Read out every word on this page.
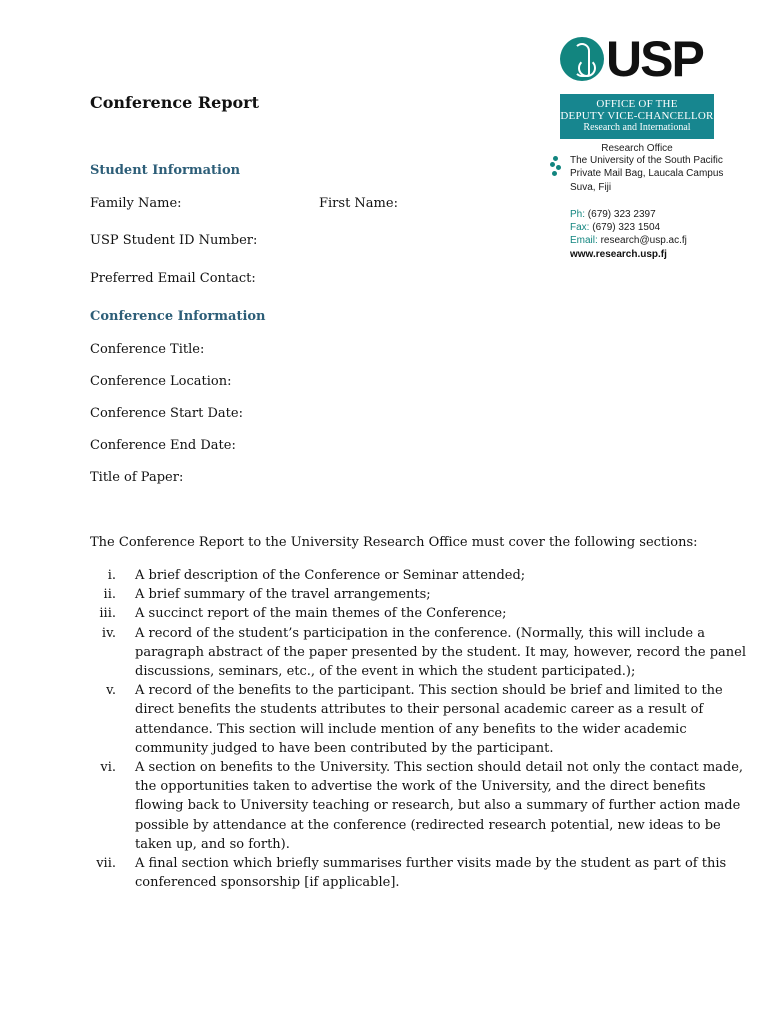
USP
OFFICE OF THE
DEPUTY VICE-CHANCELLOR
Research and International
Research Office
The University of the South Pacific
Private Mail Bag, Laucala Campus
Suva, Fiji
Ph: (679) 323 2397
Fax: (679) 323 1504
Email: research@usp.ac.fj
www.research.usp.fj
Conference Report
Student Information
Family Name:	First Name:
USP Student ID Number:
Preferred Email Contact:
Conference Information
Conference Title:
Conference Location:
Conference Start Date:
Conference End Date:
Title of Paper:
The Conference Report to the University Research Office must cover the following sections:
i. A brief description of the Conference or Seminar attended;
ii. A brief summary of the travel arrangements;
iii. A succinct report of the main themes of the Conference;
iv. A record of the student’s participation in the conference. (Normally, this will include a
paragraph abstract of the paper presented by the student. It may, however, record the panel
discussions, seminars, etc., of the event in which the student participated.);
v. A record of the benefits to the participant. This section should be brief and limited to the
direct benefits the students attributes to their personal academic career as a result of
attendance. This section will include mention of any benefits to the wider academic
community judged to have been contributed by the participant.
vi. A section on benefits to the University. This section should detail not only the contact made,
the opportunities taken to advertise the work of the University, and the direct benefits
flowing back to University teaching or research, but also a summary of further action made
possible by attendance at the conference (redirected research potential, new ideas to be
taken up, and so forth).
vii. A final section which briefly summarises further visits made by the student as part of this
conferenced sponsorship [if applicable].
